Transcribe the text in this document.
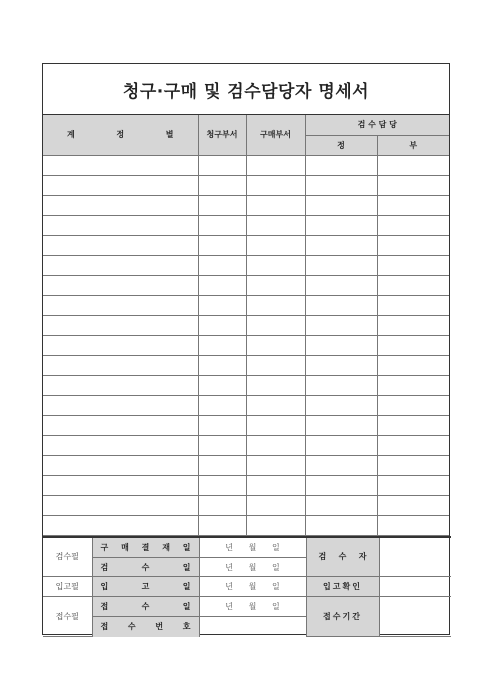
청구·구매 및 검수담당자 명세서
계 정 별	청구부서	구매부서	검 수 담 당	
			정	부

검수필	구 매 결 재 일	년 월 일	검 수 자	

	검 수 일	년 월 일		

입고필	입 고 일	년 월 일	입고확인	
접수필	접 수 일	년 월 일	접수기간	

	접 수 번 호			
